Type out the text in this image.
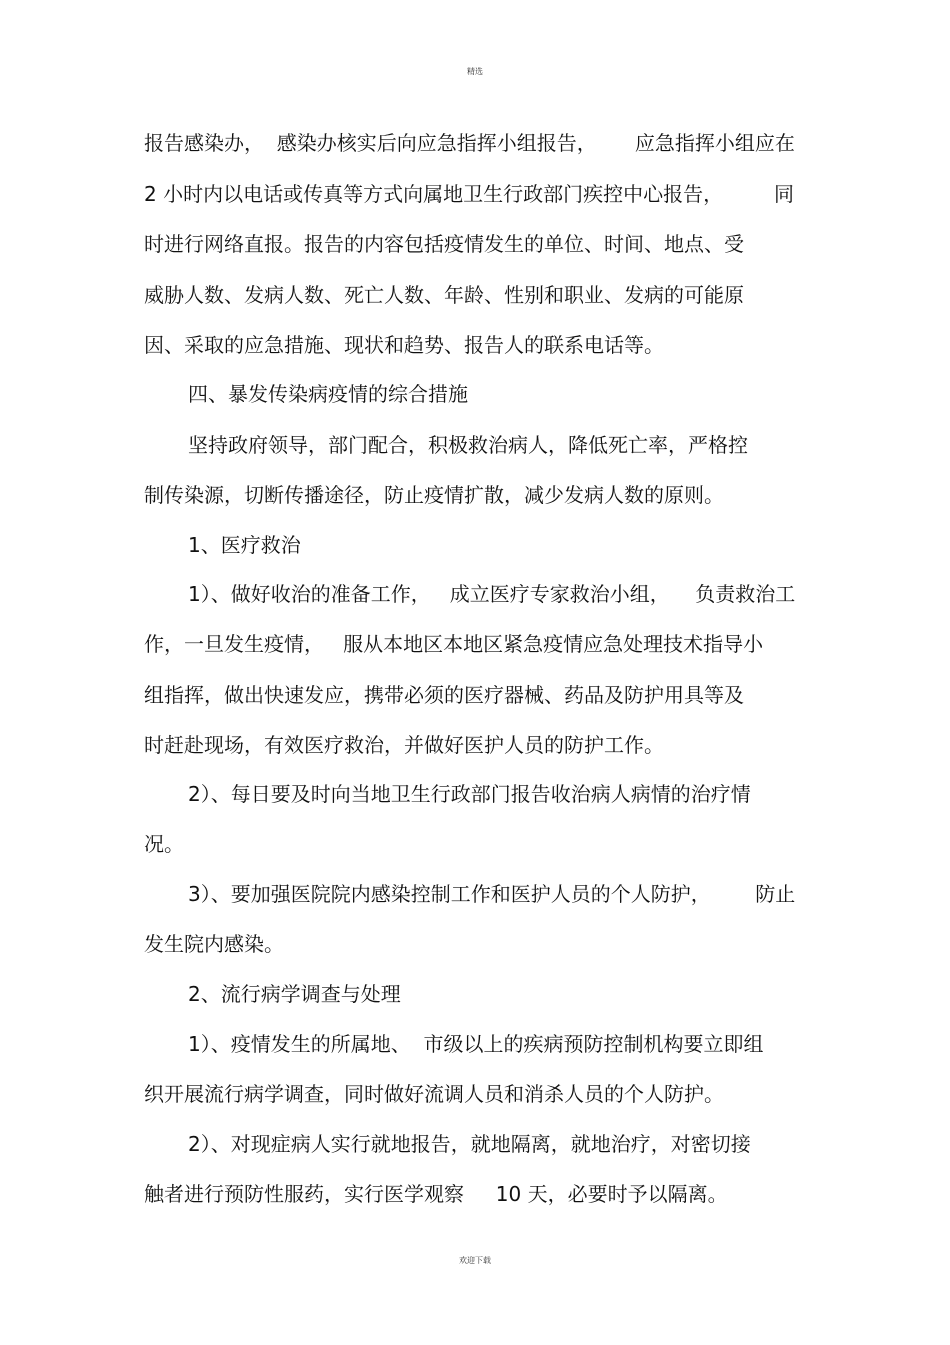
精选
报告感染办，  感染办核实后向应急指挥小组报告，      应急指挥小组应在
2 小时内以电话或传真等方式向属地卫生行政部门疾控中心报告，        同
时进行网络直报。报告的内容包括疫情发生的单位、时间、地点、受
威胁人数、发病人数、死亡人数、年龄、性别和职业、发病的可能原
因、采取的应急措施、现状和趋势、报告人的联系电话等。
四、暴发传染病疫情的综合措施
坚持政府领导，部门配合，积极救治病人，降低死亡率，严格控
制传染源，切断传播途径，防止疫情扩散，减少发病人数的原则。
1、医疗救治
1）、做好收治的准备工作，   成立医疗专家救治小组，    负责救治工
作，一旦发生疫情，   服从本地区本地区紧急疫情应急处理技术指导小
组指挥，做出快速发应，携带必须的医疗器械、药品及防护用具等及
时赶赴现场，有效医疗救治，并做好医护人员的防护工作。
2）、每日要及时向当地卫生行政部门报告收治病人病情的治疗情
况。
3）、要加强医院院内感染控制工作和医护人员的个人防护，       防止
发生院内感染。
2、流行病学调查与处理
1）、疫情发生的所属地、  市级以上的疾病预防控制机构要立即组
织开展流行病学调查，同时做好流调人员和消杀人员的个人防护。
2）、对现症病人实行就地报告，就地隔离，就地治疗，对密切接
触者进行预防性服药，实行医学观察     10 天，必要时予以隔离。
欢迎下载
